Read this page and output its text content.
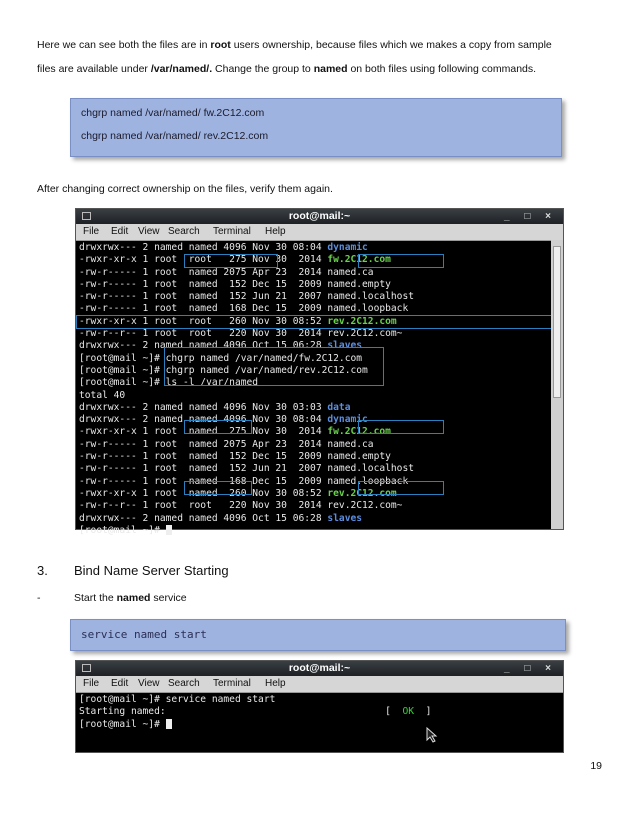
Here we can see both the files are in root users ownership, because files which we makes a copy from sample
files are available under /var/named/. Change the group to named on both files using following commands.
chgrp named /var/named/ fw.2C12.com
chgrp named /var/named/ rev.2C12.com
After changing correct ownership on the files, verify them again.
root@mail:~	_ □ ×
File Edit View Search Terminal Help
drwxrwx--- 2 named named 4096 Nov 30 08:04 dynamic
-rwxr-xr-x 1 root  root   275 Nov 30  2014 fw.2C12.com
-rw-r----- 1 root  named 2075 Apr 23  2014 named.ca
-rw-r----- 1 root  named  152 Dec 15  2009 named.empty
-rw-r----- 1 root  named  152 Jun 21  2007 named.localhost
-rw-r----- 1 root  named  168 Dec 15  2009 named.loopback
-rwxr-xr-x 1 root  root   260 Nov 30 08:52 rev.2C12.com
-rw-r--r-- 1 root  root   220 Nov 30  2014 rev.2C12.com~
drwxrwx--- 2 named named 4096 Oct 15 06:28 slaves
[root@mail ~]# chgrp named /var/named/fw.2C12.com
[root@mail ~]# chgrp named /var/named/rev.2C12.com
[root@mail ~]# ls -l /var/named
total 40
drwxrwx--- 2 named named 4096 Nov 30 03:03 data
drwxrwx--- 2 named named 4096 Nov 30 08:04 dynamic
-rwxr-xr-x 1 root  named  275 Nov 30  2014 fw.2C12.com
-rw-r----- 1 root  named 2075 Apr 23  2014 named.ca
-rw-r----- 1 root  named  152 Dec 15  2009 named.empty
-rw-r----- 1 root  named  152 Jun 21  2007 named.localhost
-rw-r----- 1 root  named  168 Dec 15  2009 named.loopback
-rwxr-xr-x 1 root  named  260 Nov 30 08:52 rev.2C12.com
-rw-r--r-- 1 root  root   220 Nov 30  2014 rev.2C12.com~
drwxrwx--- 2 named named 4096 Oct 15 06:28 slaves
[root@mail ~]#
3. Bind Name Server Starting
-	Start the named service
service named start
root@mail:~	_ □ ×
File Edit View Search Terminal Help
[root@mail ~]# service named start
Starting named:                                      [  OK  ]
[root@mail ~]#
19
